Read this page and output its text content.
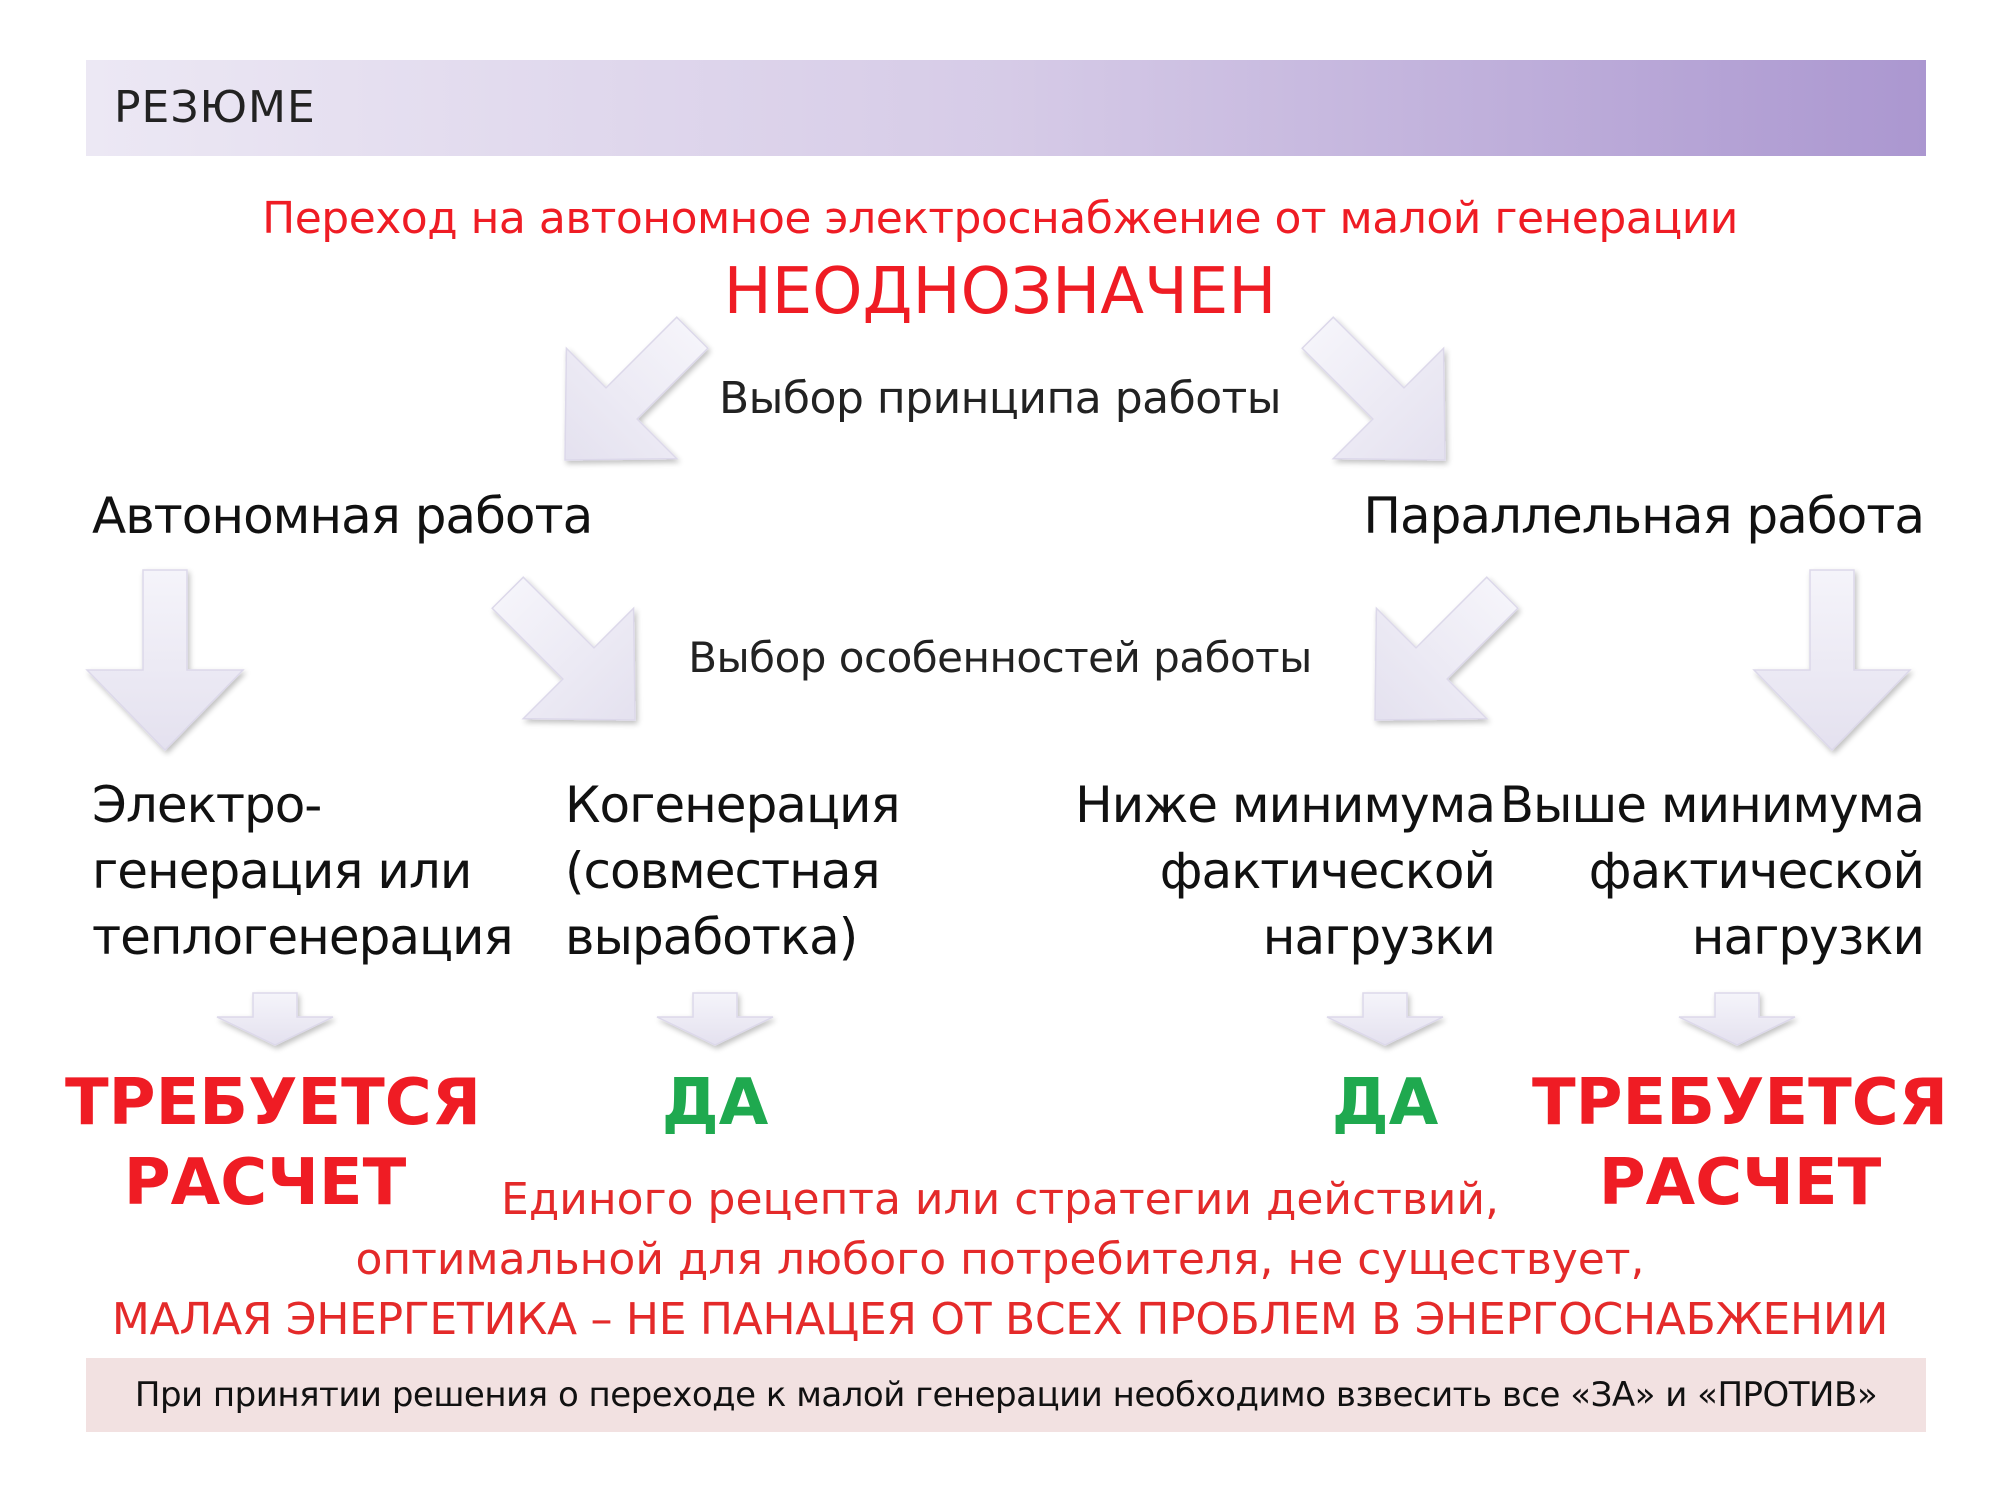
РЕЗЮМЕ
Переход на автономное электроснабжение от малой генерации
НЕОДНОЗНАЧЕН
Выбор принципа работы
Автономная работа	Параллельная работа
Выбор особенностей работы
Электро-
генерация или
теплогенерация
Когенерация
(совместная
выработка)
Ниже минимума
фактической
нагрузки
Выше минимума
фактической
нагрузки
ТРЕБУЕТСЯ
РАСЧЕТ
ДА	ДА	ТРЕБУЕТСЯ
РАСЧЕТ
Единого рецепта или стратегии действий,
оптимальной для любого потребителя, не существует,
МАЛАЯ ЭНЕРГЕТИКА – НЕ ПАНАЦЕЯ ОТ ВСЕХ ПРОБЛЕМ В ЭНЕРГОСНАБЖЕНИИ
При принятии решения о переходе к малой генерации необходимо взвесить все «ЗА» и «ПРОТИВ»
